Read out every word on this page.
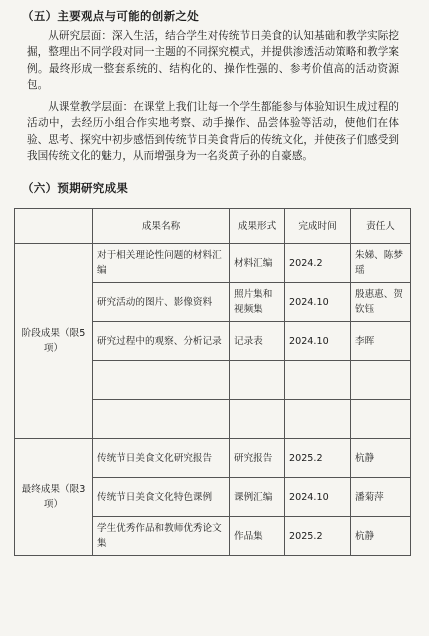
（五）主要观点与可能的创新之处
从研究层面：深入生活，结合学生对传统节日美食的认知基础和教学实际挖掘，整理出不同学段对同一主题的不同探究模式，并提供渗透活动策略和教学案例。最终形成一整套系统的、结构化的、操作性强的、参考价值高的活动资源包。
从课堂教学层面：在课堂上我们让每一个学生都能参与体验知识生成过程的活动中，去经历小组合作实地考察、动手操作、品尝体验等活动，使他们在体验、思考、探究中初步感悟到传统节日美食背后的传统文化，并使孩子们感受到我国传统文化的魅力，从而增强身为一名炎黄子孙的自豪感。
（六）预期研究成果
	成果名称	成果形式	完成时间	责任人
阶段成果（限5项）	对于相关理论性问题的材料汇编	材料汇编	2024.2	朱娣、陈梦瑶
	研究活动的图片、影像资料	照片集和视频集	2024.10	殷惠惠、贺钦钰
	研究过程中的观察、分析记录	记录表	2024.10	李晖

最终成果（限3项）	传统节日美食文化研究报告	研究报告	2025.2	杭静
	传统节日美食文化特色课例	课例汇编	2024.10	潘菊萍
	学生优秀作品和教师优秀论文集	作品集	2025.2	杭静
